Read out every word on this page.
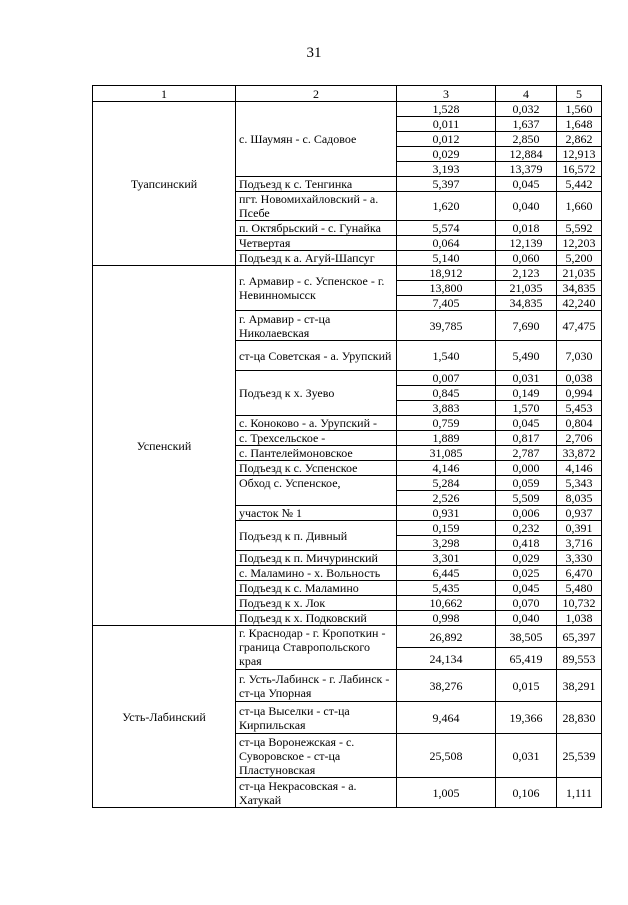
31
1	2	3	4	5
Туапсинский	с. Шаумян - с. Садовое	1,528	0,032	1,560
		0,011	1,637	1,648
		0,012	2,850	2,862
		0,029	12,884	12,913
		3,193	13,379	16,572
	Подъезд к с. Тенгинка	5,397	0,045	5,442
	пгт. Новомихайловский - а. Псебе	1,620	0,040	1,660
	п. Октябрьский - с. Гунайка	5,574	0,018	5,592
	Четвертая	0,064	12,139	12,203
	Подъезд к а. Агуй-Шапсуг	5,140	0,060	5,200
Успенский	г. Армавир - с. Успенское - г. Невинномысск	18,912	2,123	21,035
		13,800	21,035	34,835
		7,405	34,835	42,240
	г. Армавир - ст-ца Николаевская	39,785	7,690	47,475
	ст-ца Советская - а. Урупский	1,540	5,490	7,030
	Подъезд к х. Зуево	0,007	0,031	0,038
		0,845	0,149	0,994
		3,883	1,570	5,453
	с. Коноково - а. Урупский -	0,759	0,045	0,804
	с. Трехсельское -	1,889	0,817	2,706
	с. Пантелеймоновское	31,085	2,787	33,872
	Подъезд к с. Успенское	4,146	0,000	4,146
	Обход с. Успенское,	5,284	0,059	5,343
		2,526	5,509	8,035
	участок № 1	0,931	0,006	0,937
	Подъезд к п. Дивный	0,159	0,232	0,391
		3,298	0,418	3,716
	Подъезд к п. Мичуринский	3,301	0,029	3,330
	с. Маламино - х. Вольность	6,445	0,025	6,470
	Подъезд к с. Маламино	5,435	0,045	5,480
	Подъезд к х. Лок	10,662	0,070	10,732
	Подъезд к х. Подковский	0,998	0,040	1,038
Усть-Лабинский	г. Краснодар - г. Кропоткин - граница Ставропольского края	26,892	38,505	65,397
		24,134	65,419	89,553
	г. Усть-Лабинск - г. Лабинск - ст-ца Упорная	38,276	0,015	38,291
	ст-ца Выселки - ст-ца Кирпильская	9,464	19,366	28,830
	ст-ца Воронежская - с. Суворовское - ст-ца Пластуновская	25,508	0,031	25,539
	ст-ца Некрасовская - а. Хатукай	1,005	0,106	1,111
